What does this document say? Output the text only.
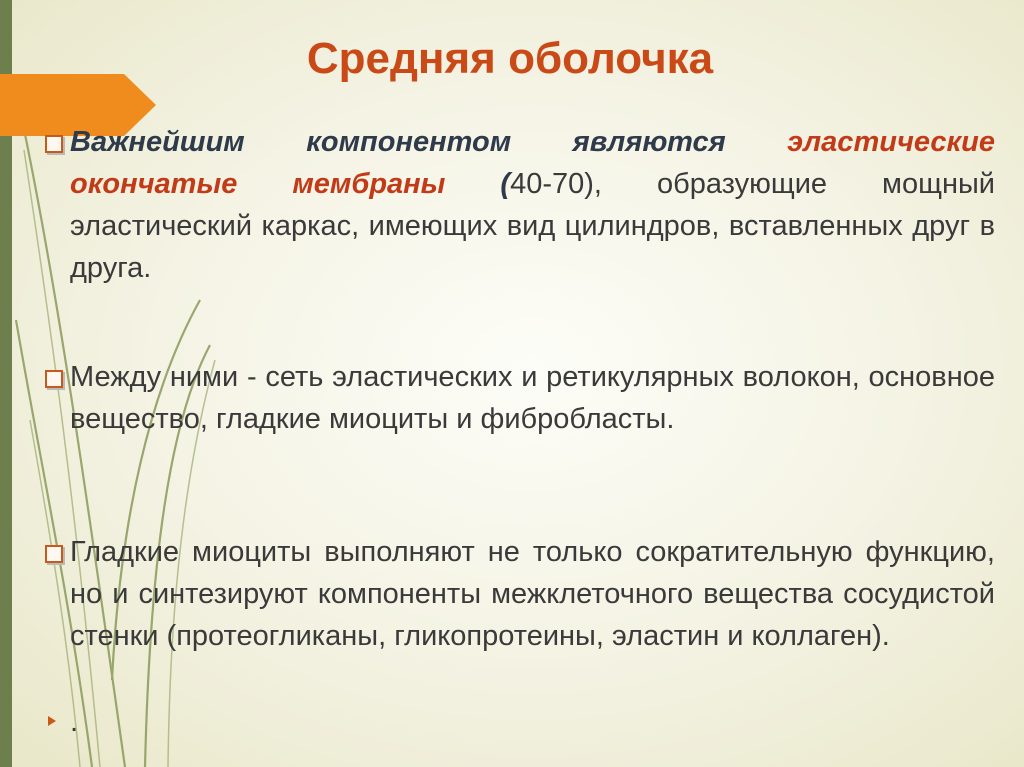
Средняя оболочка
Важнейшим компонентом являются эластические окончатые мембраны (40-70), образующие мощный эластический каркас, имеющих вид цилиндров, вставленных друг в друга.
Между ними - сеть эластических и ретикулярных волокон, основное вещество, гладкие миоциты и фибробласты.
Гладкие миоциты выполняют не только сократительную функцию, но и синтезируют компоненты межклеточного вещества сосудистой стенки (протеогликаны, гликопротеины, эластин и коллаген).
.
